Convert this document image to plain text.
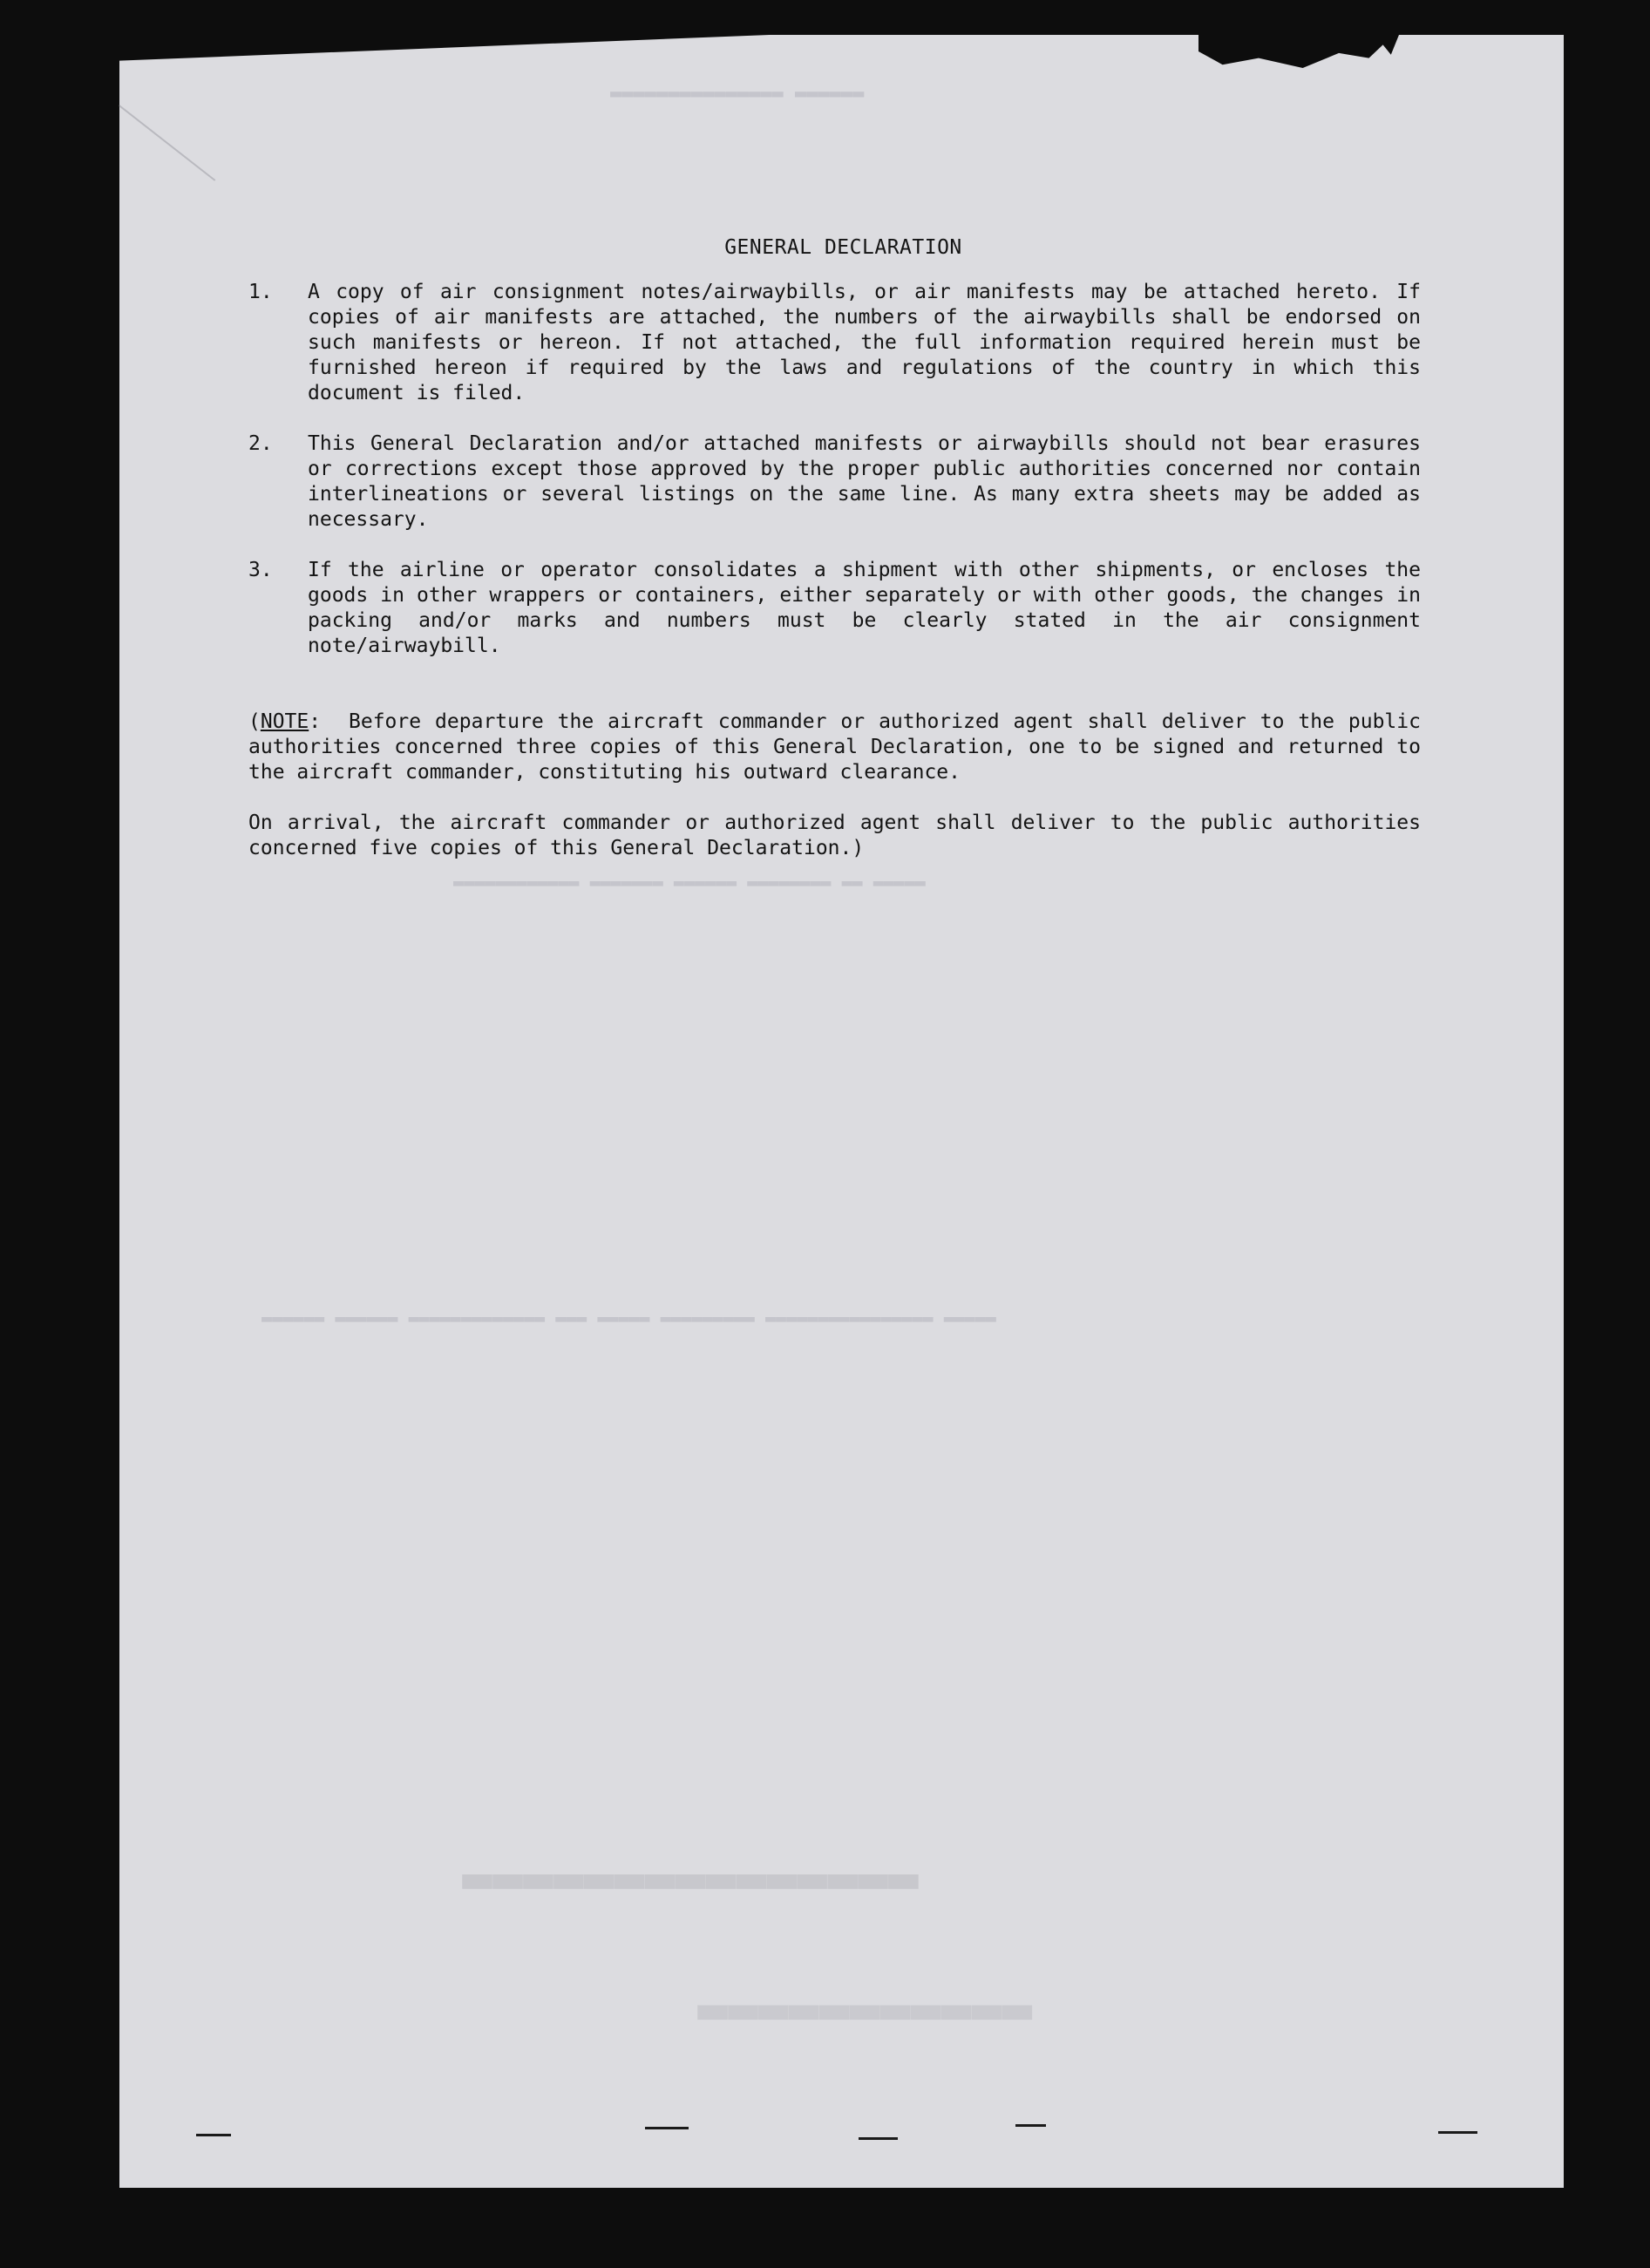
▬▬▬▬▬▬ ▬▬▬▬▬▬▬▬▬▬▬▬▬▬▬
▬▬▬▬▬ ▬▬ ▬▬▬▬▬▬▬▬ ▬▬▬▬▬▬ ▬▬▬▬▬▬▬ ▬▬▬▬▬▬▬▬▬▬▬▬
▬▬▬▬▬ ▬▬▬▬▬▬▬▬▬▬▬▬▬▬▬▬ ▬▬▬▬▬▬▬▬▬ ▬▬▬▬▬ ▬▬▬ ▬▬▬▬▬▬▬▬▬▬▬▬▬ ▬▬▬▬▬▬ ▬▬▬▬▬▬
GENERAL DECLARATION
1.	A copy of air consignment notes/airwaybills, or air manifests may be attached hereto. If copies of air manifests are attached, the numbers of the airwaybills shall be endorsed on such manifests or hereon. If not attached, the full information required herein must be furnished hereon if required by the laws and regulations of the country in which this document is filed.
2.	This General Declaration and/or attached manifests or airwaybills should not bear erasures or corrections except those approved by the proper public authorities concerned nor contain interlineations or several listings on the same line. As many extra sheets may be added as necessary.
3.	If the airline or operator consolidates a shipment with other shipments, or encloses the goods in other wrappers or containers, either separately or with other goods, the changes in packing and/or marks and numbers must be clearly stated in the air consignment note/airwaybill.
(NOTE: Before departure the aircraft commander or authorized agent shall deliver to the public authorities concerned three copies of this General Declaration, one to be signed and returned to the aircraft commander, constituting his outward clearance.
On arrival, the aircraft commander or authorized agent shall deliver to the public authorities concerned five copies of this General Declaration.)
